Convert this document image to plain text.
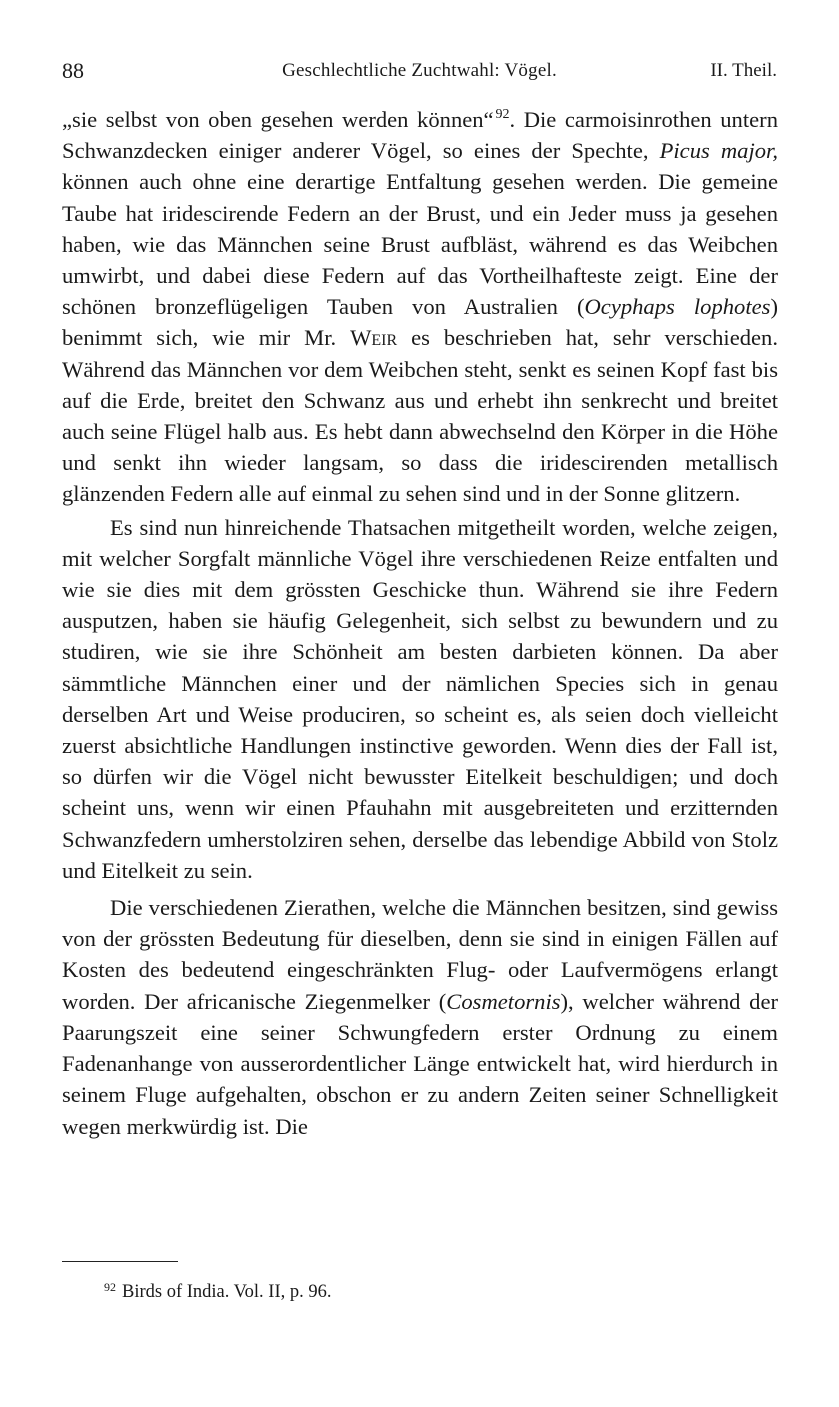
88	Geschlechtliche Zuchtwahl: Vögel.	II. Theil.

„sie selbst von oben gesehen werden können“  $^{92}$. Die carmoisinrothen untern Schwanzdecken einiger anderer Vögel, so eines der Spechte, Picus major, können auch ohne eine derartige Entfaltung gesehen werden. Die gemeine Taube hat iridescirende Federn an der Brust, und ein Jeder muss ja gesehen haben, wie das Männchen seine Brust aufbläst, während es das Weibchen umwirbt, und dabei diese Federn auf das Vortheilhafteste zeigt. Eine der schönen bronzeflügeligen Tauben von Australien (Ocyphaps lophotes) benimmt sich, wie mir Mr. Weir es beschrieben hat, sehr verschieden. Während das Männchen vor dem Weibchen steht, senkt es seinen Kopf fast bis auf die Erde, breitet den Schwanz aus und erhebt ihn senkrecht und breitet auch seine Flügel halb aus. Es hebt dann abwechselnd den Körper in die Höhe und senkt ihn wieder langsam, so dass die iridescirenden metallisch glänzenden Federn alle auf einmal zu sehen sind und in der Sonne glitzern.

Es sind nun hinreichende Thatsachen mitgetheilt worden, welche zeigen, mit welcher Sorgfalt männliche Vögel ihre verschiedenen Reize entfalten und wie sie dies mit dem grössten Geschicke thun. Während sie ihre Federn ausputzen, haben sie häufig Gelegenheit, sich selbst zu bewundern und zu studiren, wie sie ihre Schönheit am besten darbieten können. Da aber sämmtliche Männchen einer und der nämlichen Species sich in genau derselben Art und Weise produciren, so scheint es, als seien doch vielleicht zuerst absichtliche Handlungen instinctive geworden. Wenn dies der Fall ist, so dürfen wir die Vögel nicht bewusster Eitelkeit beschuldigen; und doch scheint uns, wenn wir einen Pfauhahn mit ausgebreiteten und erzitternden Schwanzfedern umherstolziren sehen, derselbe das lebendige Abbild von Stolz und Eitelkeit zu sein.

Die verschiedenen Zierathen, welche die Männchen besitzen, sind gewiss von der grössten Bedeutung für dieselben, denn sie sind in einigen Fällen auf Kosten des bedeutend eingeschränkten Flug- oder Laufvermögens erlangt worden. Der africanische Ziegenmelker (Cosmetornis), welcher während der Paarungszeit eine seiner Schwungfedern erster Ordnung zu einem Fadenanhange von ausserordentlicher Länge entwickelt hat, wird hierdurch in seinem Fluge aufgehalten, obschon er zu andern Zeiten seiner Schnelligkeit wegen merkwürdig ist. Die

$^{92}$ Birds of India. Vol. II, p. 96.
